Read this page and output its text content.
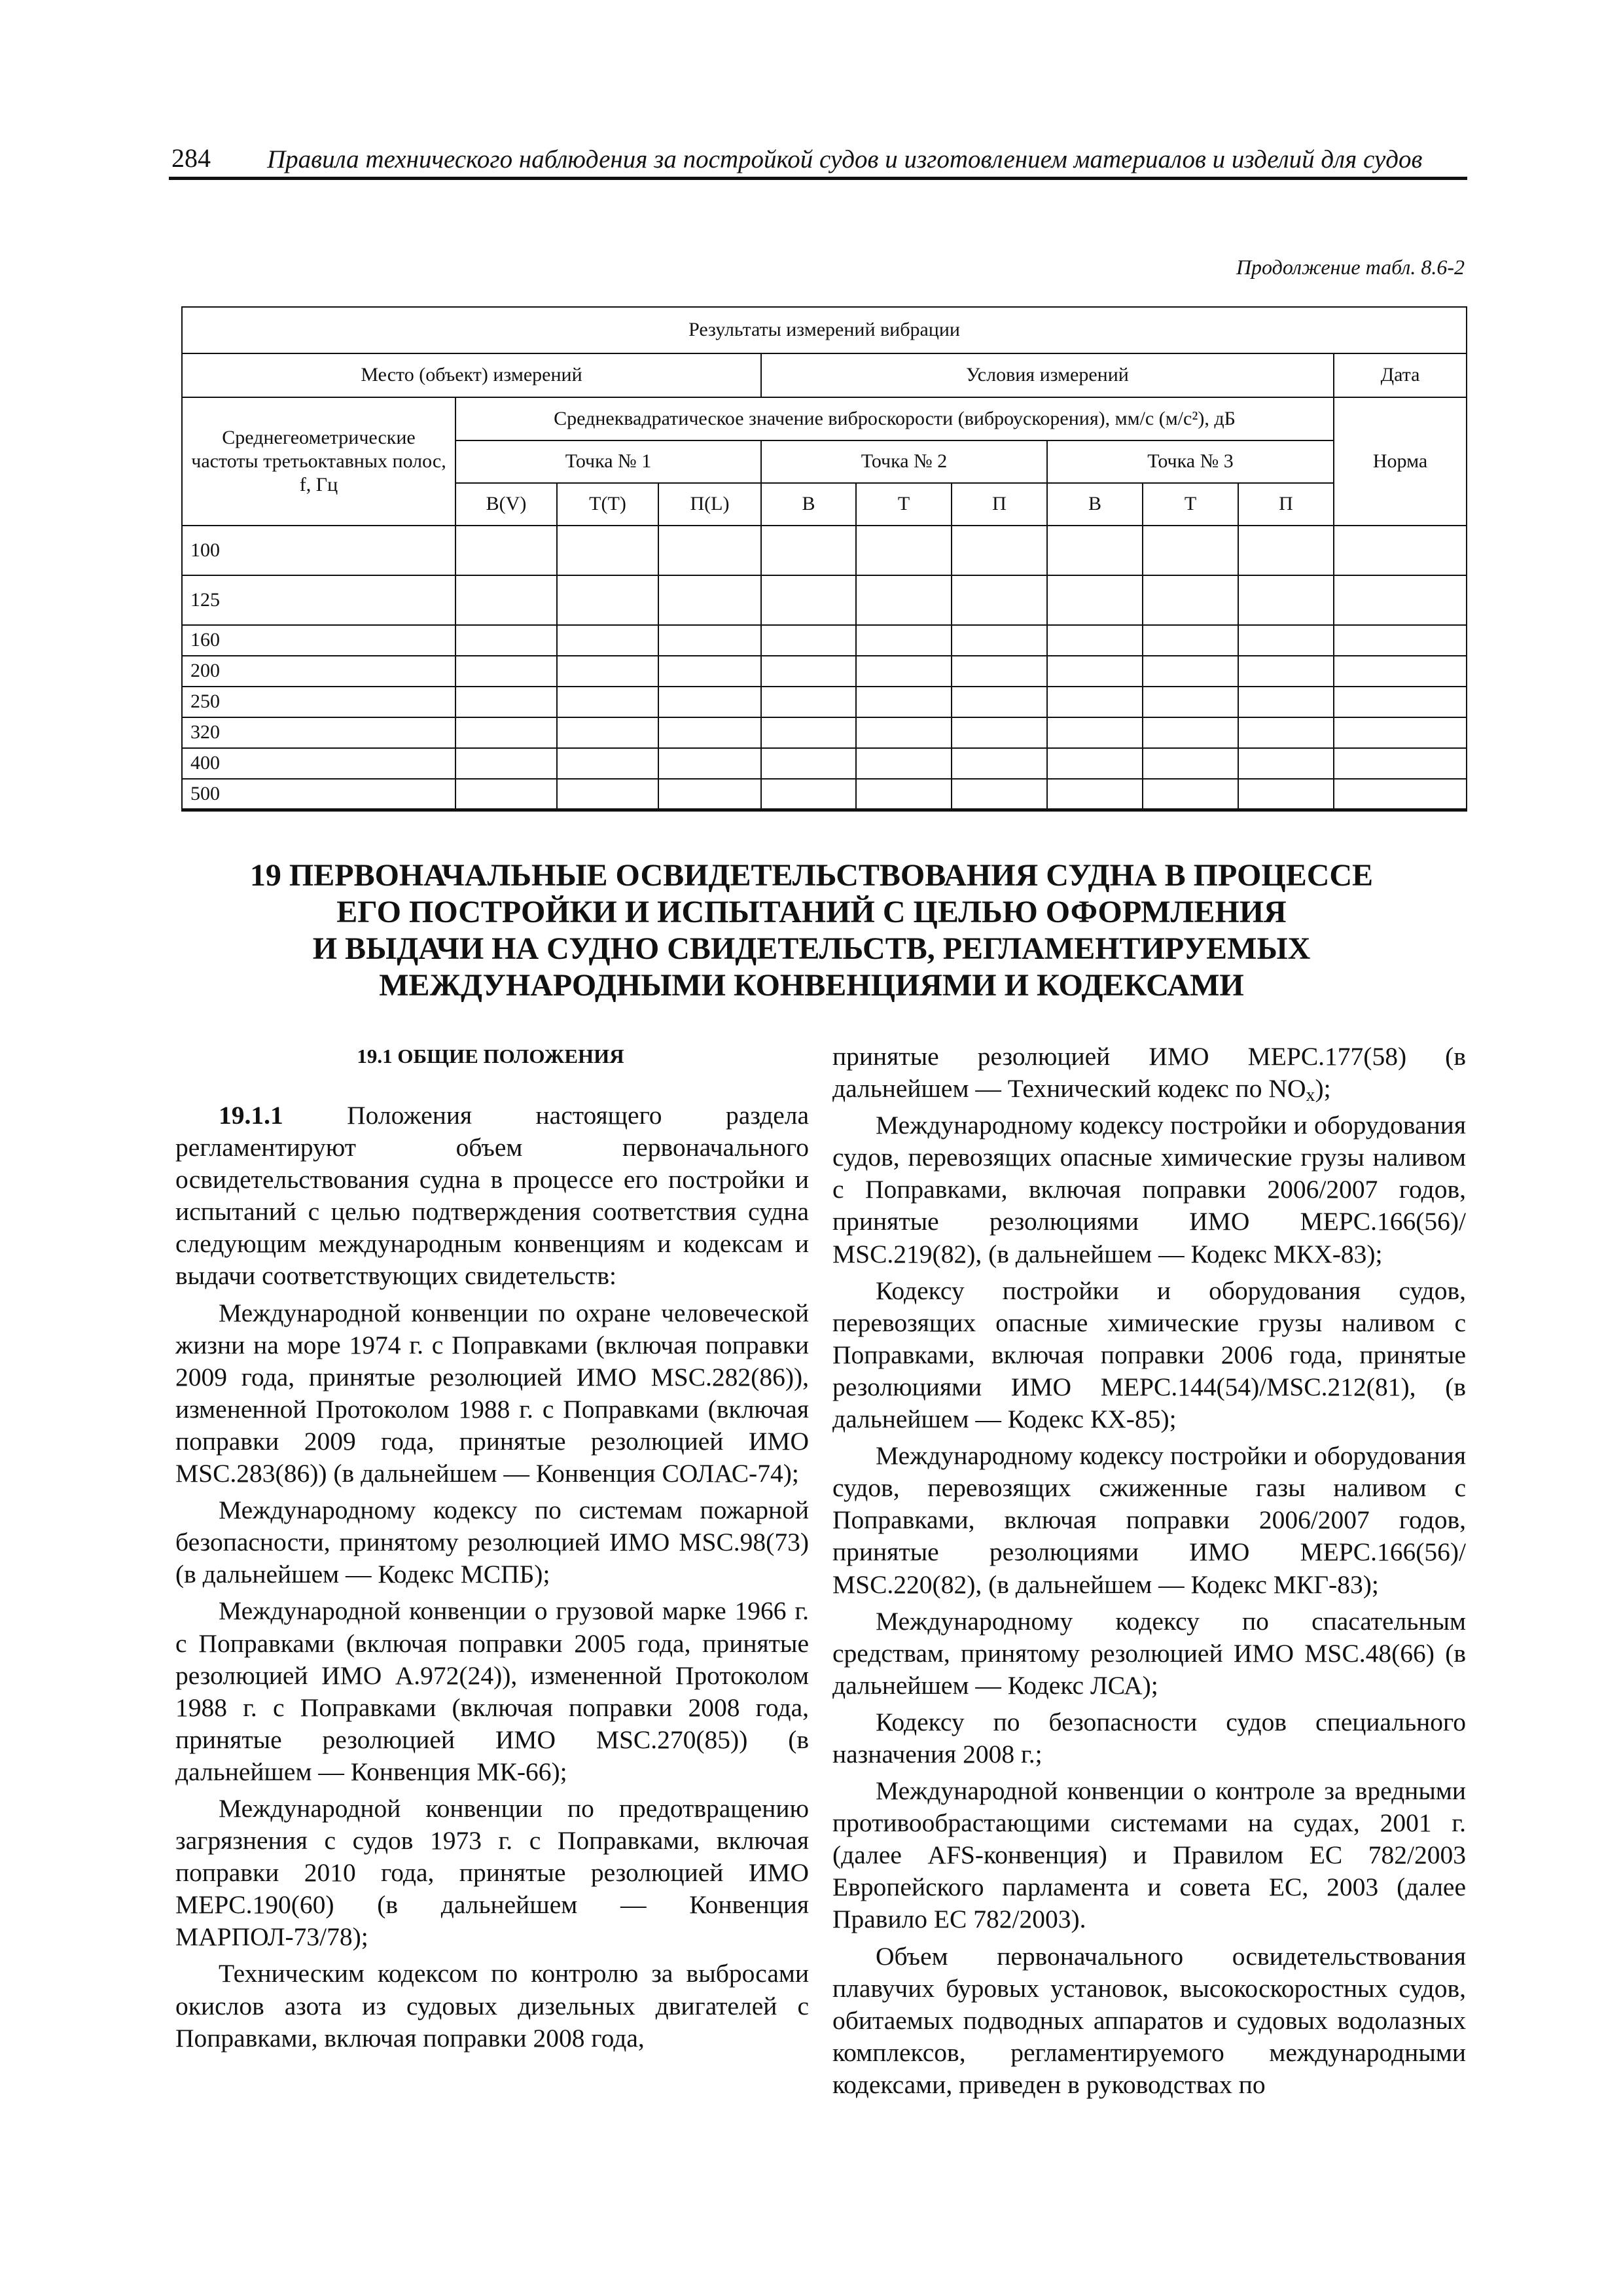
284 Правила технического наблюдения за постройкой судов и изготовлением материалов и изделий для судов
Продолжение табл. 8.6-2
Результаты измерений вибрации										
Место (объект) измерений				Условия измерений						Дата
Среднегеометрические частоты третьоктавных полос, f, Гц	Среднеквадратическое значение виброскорости (виброускорения), мм/с (м/с²), дБ									Норма
	Точка № 1			Точка № 2			Точка № 3			
	B(V)	T(T)	П(L)	B	T	П	B	T	П	
100										
125										
160										
200										
250										
320										
400										
500										
19 ПЕРВОНАЧАЛЬНЫЕ ОСВИДЕТЕЛЬСТВОВАНИЯ СУДНА В ПРОЦЕССЕ
ЕГО ПОСТРОЙКИ И ИСПЫТАНИЙ С ЦЕЛЬЮ ОФОРМЛЕНИЯ
И ВЫДАЧИ НА СУДНО СВИДЕТЕЛЬСТВ, РЕГЛАМЕНТИРУЕМЫХ
МЕЖДУНАРОДНЫМИ КОНВЕНЦИЯМИ И КОДЕКСАМИ
19.1 ОБЩИЕ ПОЛОЖЕНИЯ

19.1.1 Положения настоящего раздела регламентируют объем первоначального освидетельствования судна в процессе его постройки и испытаний с целью подтверждения соответствия судна следующим международным конвенциям и кодексам и выдачи соответствующих свидетельств:

Международной конвенции по охране человеческой жизни на море 1974 г. с Поправками (включая поправки 2009 года, принятые резолюцией ИМО MSC.282(86)), измененной Протоколом 1988 г. с Поправками (включая поправки 2009 года, принятые резолюцией ИМО MSC.283(86)) (в дальнейшем — Конвенция СОЛАС-74);

Международному кодексу по системам пожарной безопасности, принятому резолюцией ИМО MSC.98(73) (в дальнейшем — Кодекс МСПБ);

Международной конвенции о грузовой марке 1966 г. с Поправками (включая поправки 2005 года, принятые резолюцией ИМО A.972(24)), измененной Протоколом 1988 г. с Поправками (включая поправки 2008 года, принятые резолюцией ИМО MSC.270(85)) (в дальнейшем — Конвенция МК-66);

Международной конвенции по предотвращению загрязнения с судов 1973 г. с Поправками, включая поправки 2010 года, принятые резолюцией ИМО MEPC.190(60) (в дальнейшем — Конвенция МАРПОЛ-73/78);

Техническим кодексом по контролю за выбросами окислов азота из судовых дизельных двигателей с Поправками, включая поправки 2008 года,

принятые резолюцией ИМО MEPC.177(58) (в дальнейшем — Технический кодекс по $NO_x$);

Международному кодексу постройки и оборудования судов, перевозящих опасные химические грузы наливом с Поправками, включая поправки 2006/2007 годов, принятые резолюциями ИМО MEPC.166(56)/ MSC.219(82), (в дальнейшем — Кодекс МКХ-83);

Кодексу постройки и оборудования судов, перевозящих опасные химические грузы наливом с Поправками, включая поправки 2006 года, принятые резолюциями ИМО MEPC.144(54)/MSC.212(81), (в дальнейшем — Кодекс КХ-85);

Международному кодексу постройки и оборудования судов, перевозящих сжиженные газы наливом с Поправками, включая поправки 2006/2007 годов, принятые резолюциями ИМО MEPC.166(56)/ MSC.220(82), (в дальнейшем — Кодекс МКГ-83);

Международному кодексу по спасательным средствам, принятому резолюцией ИМО MSC.48(66) (в дальнейшем — Кодекс ЛСА);

Кодексу по безопасности судов специального назначения 2008 г.;

Международной конвенции о контроле за вредными противообрастающими системами на судах, 2001 г. (далее AFS-конвенция) и Правилом ЕС 782/2003 Европейского парламента и совета ЕС, 2003 (далее Правило ЕС 782/2003).

Объем первоначального освидетельствования плавучих буровых установок, высокоскоростных судов, обитаемых подводных аппаратов и судовых водолазных комплексов, регламентируемого международными кодексами, приведен в руководствах по
